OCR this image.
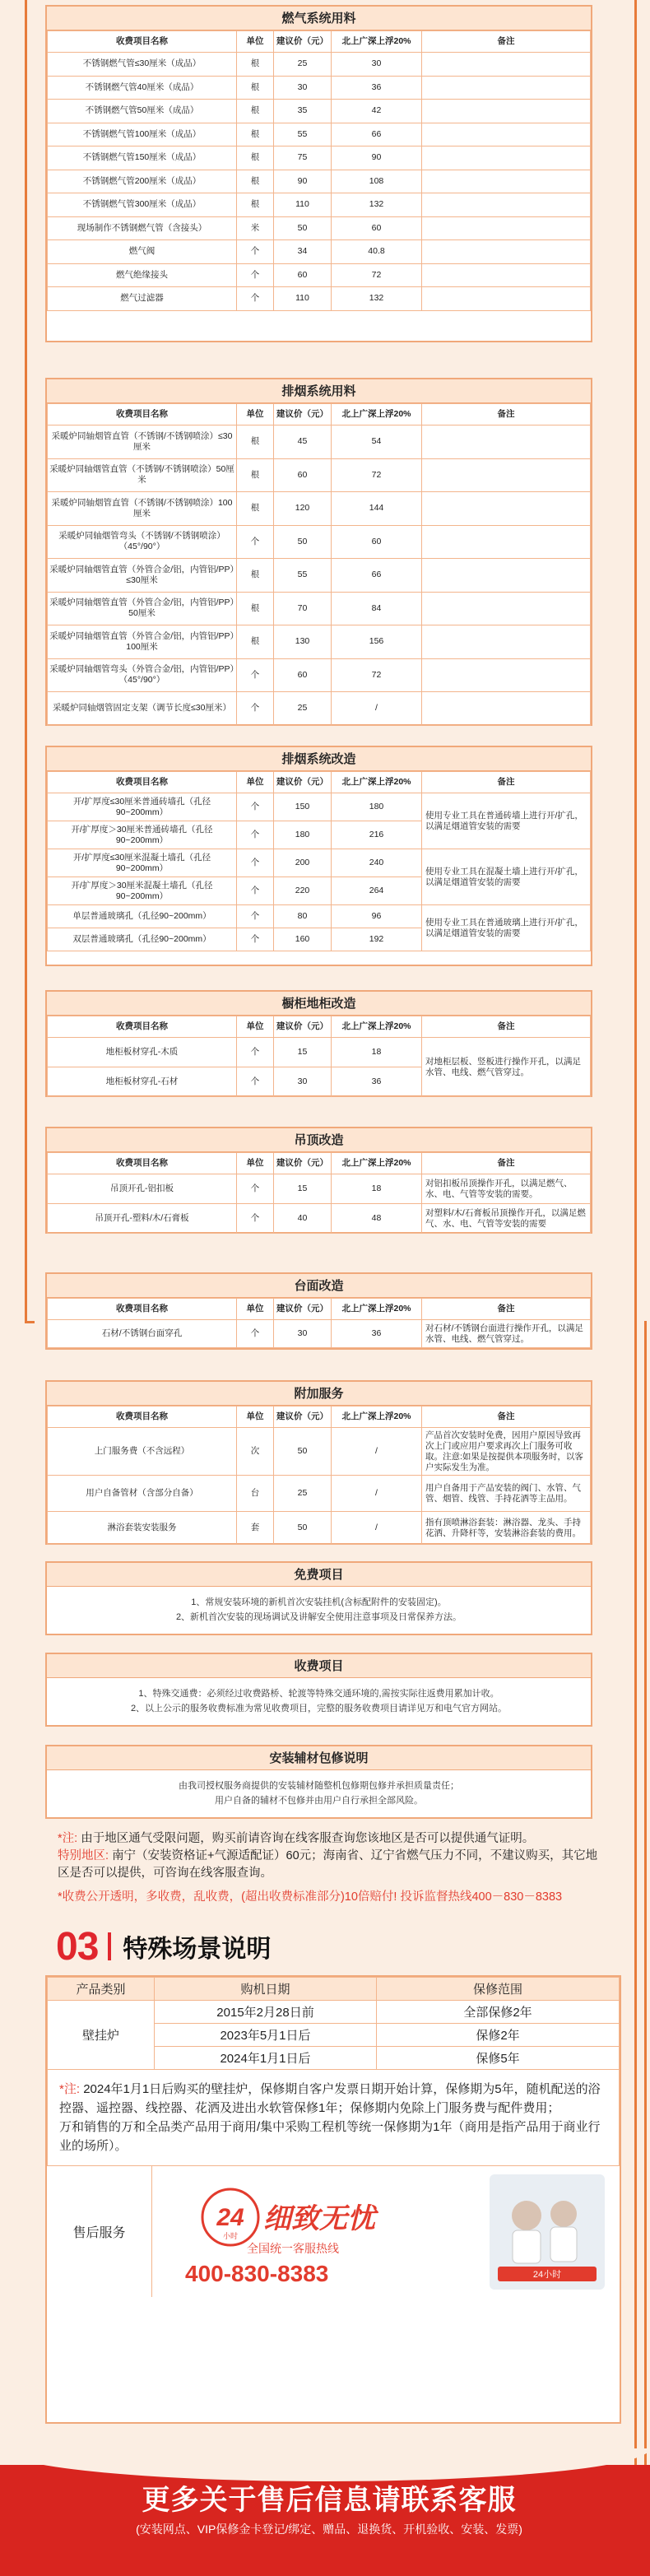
燃气系统用料
收费项目名称	单位	建议价（元）	北上广深上浮20%	备注
不锈钢燃气管≤30厘米（成品）	根	25	30	
不锈钢燃气管40厘米（成品）	根	30	36	
不锈钢燃气管50厘米（成品）	根	35	42	
不锈钢燃气管100厘米（成品）	根	55	66	
不锈钢燃气管150厘米（成品）	根	75	90	
不锈钢燃气管200厘米（成品）	根	90	108	
不锈钢燃气管300厘米（成品）	根	110	132	
现场制作不锈钢燃气管（含接头）	米	50	60	
燃气阀	个	34	40.8	
燃气绝缘接头	个	60	72	
燃气过滤器	个	110	132	
排烟系统用料
收费项目名称	单位	建议价（元）	北上广深上浮20%	备注
采暖炉同轴烟管直管（不锈钢/不锈钢喷涂）≤30厘米	根	45	54	
采暖炉同轴烟管直管（不锈钢/不锈钢喷涂）50厘米	根	60	72	
采暖炉同轴烟管直管（不锈钢/不锈钢喷涂）100厘米	根	120	144	
采暖炉同轴烟管弯头（不锈钢/不锈钢喷涂）（45°/90°）	个	50	60	
采暖炉同轴烟管直管（外管合金/铝，内管铝/PP）≤30厘米	根	55	66	
采暖炉同轴烟管直管（外管合金/铝，内管铝/PP）50厘米	根	70	84	
采暖炉同轴烟管直管（外管合金/铝，内管铝/PP）100厘米	根	130	156	
采暖炉同轴烟管弯头（外管合金/铝，内管铝/PP）（45°/90°）	个	60	72	
采暖炉同轴烟管固定支架（调节长度≤30厘米）	个	25	/	
排烟系统改造
收费项目名称	单位	建议价（元）	北上广深上浮20%	备注
开/扩厚度≤30厘米普通砖墙孔（孔径90~200mm）	个	150	180	使用专业工具在普通砖墙上进行开/扩孔，以满足烟道管安装的需要
开/扩厚度＞30厘米普通砖墙孔（孔径90~200mm）	个	180	216	
开/扩厚度≤30厘米混凝土墙孔（孔径90~200mm）	个	200	240	使用专业工具在混凝土墙上进行开/扩孔，以满足烟道管安装的需要
开/扩厚度＞30厘米混凝土墙孔（孔径90~200mm）	个	220	264	
单层普通玻璃孔（孔径90~200mm）	个	80	96	使用专业工具在普通玻璃上进行开/扩孔，以满足烟道管安装的需要
双层普通玻璃孔（孔径90~200mm）	个	160	192	
橱柜地柜改造
收费项目名称	单位	建议价（元）	北上广深上浮20%	备注
地柜板材穿孔-木质	个	15	18	对地柜层板、竖板进行操作开孔，以满足水管、电线、燃气管穿过。
地柜板材穿孔-石材	个	30	36	
吊顶改造
收费项目名称	单位	建议价（元）	北上广深上浮20%	备注
吊顶开孔-铝扣板	个	15	18	对铝扣板吊顶操作开孔，以满足燃气、水、电、气管等安装的需要。
吊顶开孔-塑料/木/石膏板	个	40	48	对塑料/木/石膏板吊顶操作开孔，以满足燃气、水、电、气管等安装的需要
台面改造
收费项目名称	单位	建议价（元）	北上广深上浮20%	备注
石材/不锈钢台面穿孔	个	30	36	对石材/不锈钢台面进行操作开孔，以满足水管、电线、燃气管穿过。
附加服务
收费项目名称	单位	建议价（元）	北上广深上浮20%	备注
上门服务费（不含远程）	次	50	/	产品首次安装时免费，因用户原因导致再次上门或应用户要求再次上门服务可收取。注意:如果是按提供本项服务时，以客户实际发生为准。
用户自备管材（含部分自备）	台	25	/	用户自备用于产品安装的阀门、水管、气管、烟管、线管、手持花洒等主品用。
淋浴套装安装服务	套	50	/	指有顶喷淋浴套装：淋浴器、龙头、手持花洒、升降杆等，安装淋浴套装的费用。
免费项目
1、常规安装环境的新机首次安装挂机(含标配附件的安装固定)。
2、新机首次安装的现场调试及讲解安全使用注意事项及日常保养方法。
收费项目
1、特殊交通费：必须经过收费路桥、轮渡等特殊交通环境的,需按实际往返费用累加计收。
2、以上公示的服务收费标准为常见收费项目，完整的服务收费项目请详见万和电气官方网站。
安装辅材包修说明
由我司授权服务商提供的安装辅材随整机包修期包修并承担质量责任；
用户自备的辅材不包修并由用户自行承担全部风险。
*注: 由于地区通气受限问题，购买前请咨询在线客服查询您该地区是否可以提供通气证明。
特别地区: 南宁（安装资格证+气源适配证）60元；海南省、辽宁省燃气压力不同，不建议购买，其它地区是否可以提供，可咨询在线客服查询。
*收费公开透明，多收费，乱收费，(超出收费标准部分)10倍赔付! 投诉监督热线400－830－8383
03 特殊场景说明
产品类别	购机日期	保修范围
壁挂炉	2015年2月28日前	全部保修2年
	2023年5月1日后	保修2年
	2024年1月1日后	保修5年
*注: 2024年1月1日后购买的壁挂炉，保修期自客户发票日期开始计算，保修期为5年，随机配送的浴控器、遥控器、线控器、花洒及进出水软管保修1年；保修期内免除上门服务费与配件费用；
万和销售的万和全品类产品用于商用/集中采购工程机等统一保修期为1年（商用是指产品用于商业行业的场所）。
售后服务
24
小时
细致无忧
全国统一客服热线
400-830-8383	24小时
更多关于售后信息请联系客服
(安装网点、VIP保修金卡登记/绑定、赠品、退换货、开机验收、安装、发票)
